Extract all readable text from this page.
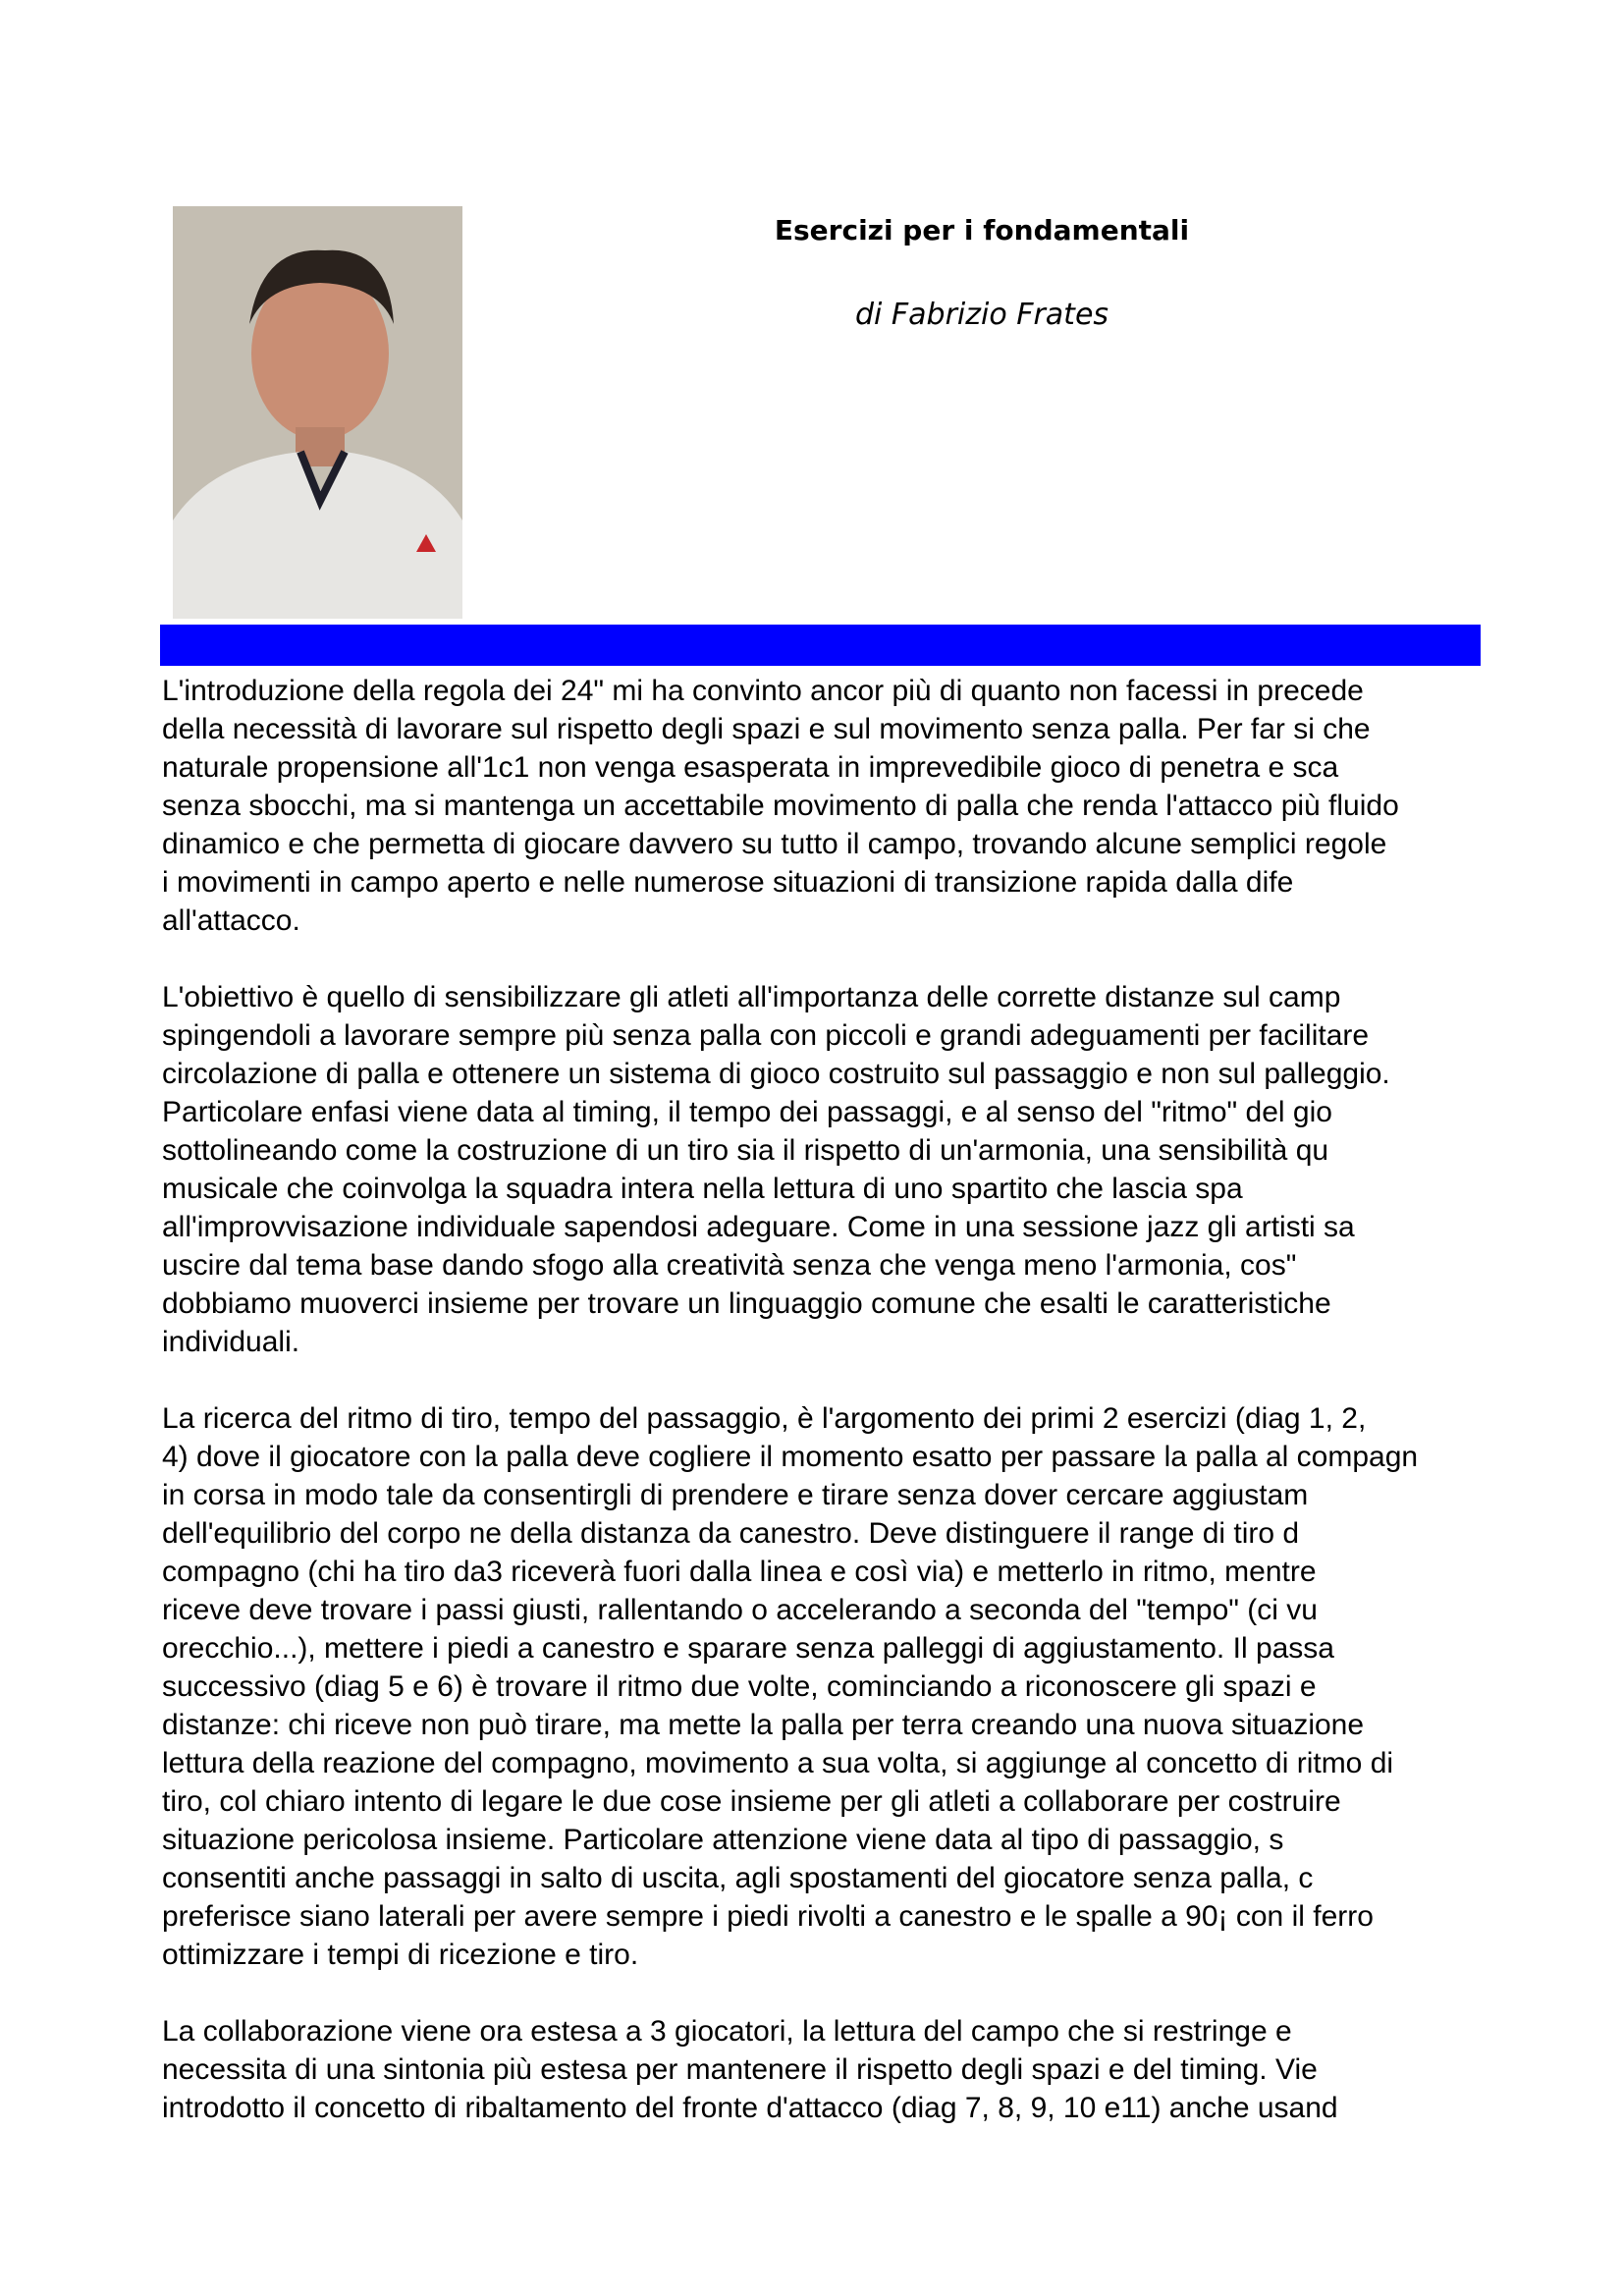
Esercizi per i fondamentali
di Fabrizio Frates
L'introduzione della regola dei 24" mi ha convinto ancor più di quanto non facessi in precede
della necessità di lavorare sul rispetto degli spazi e sul movimento senza palla. Per far si che
naturale propensione all'1c1 non venga esasperata in imprevedibile gioco di penetra e sca
senza sbocchi, ma si mantenga un accettabile movimento di palla che renda l'attacco più fluido
dinamico e che permetta di giocare davvero su tutto il campo, trovando alcune semplici regole
i movimenti in campo aperto e nelle numerose situazioni di transizione rapida dalla dife
all'attacco.
L'obiettivo è quello di sensibilizzare gli atleti all'importanza delle corrette distanze sul camp
spingendoli a lavorare sempre più senza palla con piccoli e grandi adeguamenti per facilitare
circolazione di palla e ottenere un sistema di gioco costruito sul passaggio e non sul palleggio.
Particolare enfasi viene data al timing, il tempo dei passaggi, e al senso del "ritmo" del gio
sottolineando come la costruzione di un tiro sia il rispetto di un'armonia, una sensibilità qu
musicale che coinvolga la squadra intera nella lettura di uno spartito che lascia spa
all'improvvisazione individuale sapendosi adeguare. Come in una sessione jazz gli artisti sa
uscire dal tema base dando sfogo alla creatività senza che venga meno l'armonia, cos"
dobbiamo muoverci insieme per trovare un linguaggio comune che esalti le caratteristiche
individuali.
La ricerca del ritmo di tiro, tempo del passaggio, è l'argomento dei primi 2 esercizi (diag 1, 2,
4) dove il giocatore con la palla deve cogliere il momento esatto per passare la palla al compagn
in corsa in modo tale da consentirgli di prendere e tirare senza dover cercare aggiustam
dell'equilibrio del corpo ne della distanza da canestro. Deve distinguere il range di tiro d
compagno (chi ha tiro da3 riceverà fuori dalla linea e così via) e metterlo in ritmo, mentre
riceve deve trovare i passi giusti, rallentando o accelerando a seconda del "tempo" (ci vu
orecchio...), mettere i piedi a canestro e sparare senza palleggi di aggiustamento. Il passa
successivo (diag 5 e 6) è trovare il ritmo due volte, cominciando a riconoscere gli spazi e
distanze: chi riceve non può tirare, ma mette la palla per terra creando una nuova situazione
lettura della reazione del compagno, movimento a sua volta, si aggiunge al concetto di ritmo di
tiro, col chiaro intento di legare le due cose insieme per gli atleti a collaborare per costruire
situazione pericolosa insieme. Particolare attenzione viene data al tipo di passaggio, s
consentiti anche passaggi in salto di uscita, agli spostamenti del giocatore senza palla, c
preferisce siano laterali per avere sempre i piedi rivolti a canestro e le spalle a 90¡ con il ferro
ottimizzare i tempi di ricezione e tiro.
La collaborazione viene ora estesa a 3 giocatori, la lettura del campo che si restringe e
necessita di una sintonia più estesa per mantenere il rispetto degli spazi e del timing. Vie
introdotto il concetto di ribaltamento del fronte d'attacco (diag 7, 8, 9, 10 e11) anche usand
